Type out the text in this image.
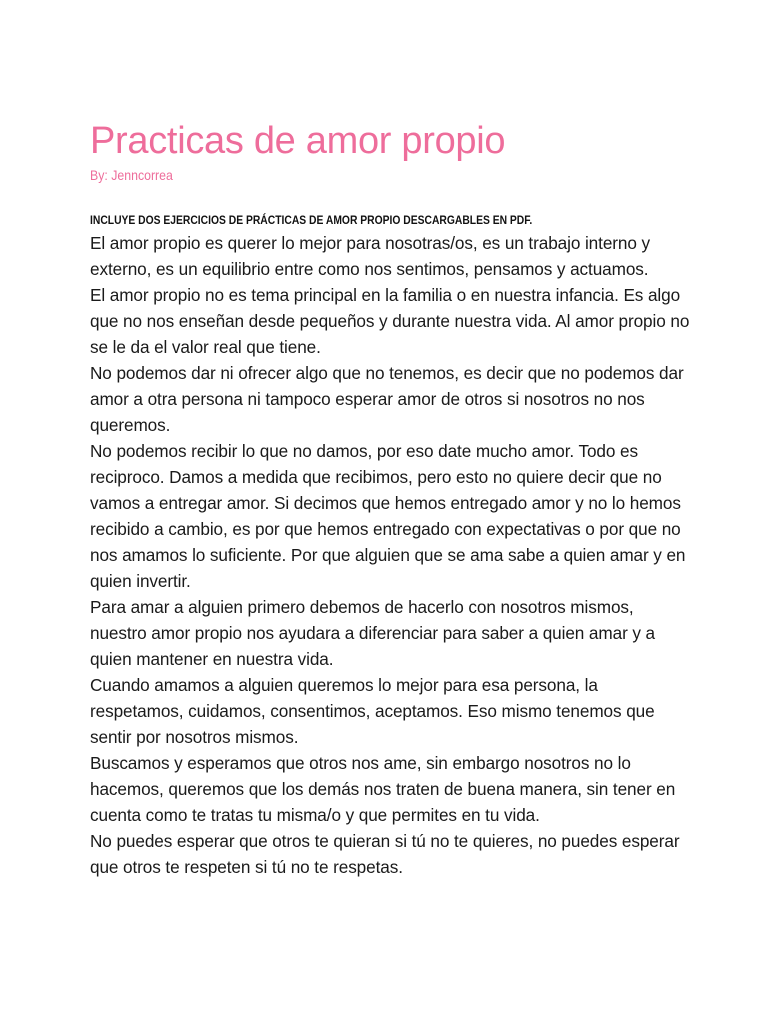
Practicas de amor propio
By: Jenncorrea
INCLUYE DOS EJERCICIOS DE PRÁCTICAS DE AMOR PROPIO DESCARGABLES EN PDF.

El amor propio es querer lo mejor para nosotras/os, es un trabajo interno y externo, es un equilibrio entre como nos sentimos, pensamos y actuamos.

El amor propio no es tema principal en la familia o en nuestra infancia. Es algo que no nos enseñan desde pequeños y durante nuestra vida. Al amor propio no se le da el valor real que tiene.

No podemos dar ni ofrecer algo que no tenemos, es decir que no podemos dar amor a otra persona ni tampoco esperar amor de otros si nosotros no nos queremos.

No podemos recibir lo que no damos, por eso date mucho amor. Todo es reciproco. Damos a medida que recibimos, pero esto no quiere decir que no vamos a entregar amor. Si decimos que hemos entregado amor y no lo hemos recibido a cambio, es por que hemos entregado con expectativas o por que no nos amamos lo suficiente. Por que alguien que se ama sabe a quien amar y en quien invertir.

Para amar a alguien primero debemos de hacerlo con nosotros mismos, nuestro amor propio nos ayudara a diferenciar para saber a quien amar y a quien mantener en nuestra vida.

Cuando amamos a alguien queremos lo mejor para esa persona, la respetamos, cuidamos, consentimos, aceptamos. Eso mismo tenemos que sentir por nosotros mismos.

Buscamos y esperamos que otros nos ame, sin embargo nosotros no lo hacemos, queremos que los demás nos traten de buena manera, sin tener en cuenta como te tratas tu misma/o y que permites en tu vida.

No puedes esperar que otros te quieran si tú no te quieres, no puedes esperar que otros te respeten si tú no te respetas.
